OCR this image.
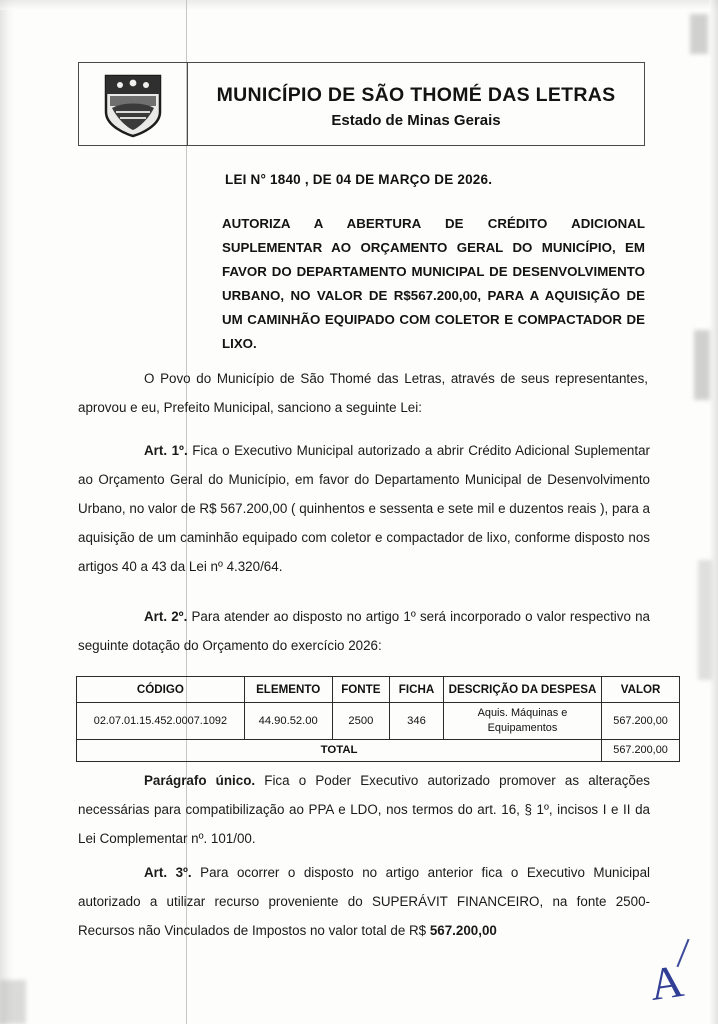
MUNICÍPIO DE SÃO THOMÉ DAS LETRAS
Estado de Minas Gerais
LEI N° 1840 , DE 04 DE MARÇO DE 2026.
AUTORIZA A ABERTURA DE CRÉDITO ADICIONAL SUPLEMENTAR AO ORÇAMENTO GERAL DO MUNICÍPIO, EM FAVOR DO DEPARTAMENTO MUNICIPAL DE DESENVOLVIMENTO URBANO, NO VALOR DE R$567.200,00, PARA A AQUISIÇÃO DE UM CAMINHÃO EQUIPADO COM COLETOR E COMPACTADOR DE LIXO.
O Povo do Município de São Thomé das Letras, através de seus representantes, aprovou e eu, Prefeito Municipal, sanciono a seguinte Lei:
Art. 1º. Fica o Executivo Municipal autorizado a abrir Crédito Adicional Suplementar ao Orçamento Geral do Município, em favor do Departamento Municipal de Desenvolvimento Urbano, no valor de R$ 567.200,00 ( quinhentos e sessenta e sete mil e duzentos reais ), para a aquisição de um caminhão equipado com coletor e compactador de lixo, conforme disposto nos artigos 40 a 43 da Lei nº 4.320/64.
Art. 2º. Para atender ao disposto no artigo 1º será incorporado o valor respectivo na seguinte dotação do Orçamento do exercício 2026:
CÓDIGO	ELEMENTO	FONTE	FICHA	DESCRIÇÃO DA DESPESA	VALOR
02.07.01.15.452.0007.1092	44.90.52.00	2500	346	Aquis. Máquinas e Equipamentos	567.200,00
TOTAL					567.200,00
Parágrafo único. Fica o Poder Executivo autorizado promover as alterações necessárias para compatibilização ao PPA e LDO, nos termos do art. 16, § 1º, incisos I e II da Lei Complementar nº. 101/00.
Art. 3º. Para ocorrer o disposto no artigo anterior fica o Executivo Municipal autorizado a utilizar recurso proveniente do SUPERÁVIT FINANCEIRO, na fonte 2500- Recursos não Vinculados de Impostos no valor total de R$ 567.200,00
A
